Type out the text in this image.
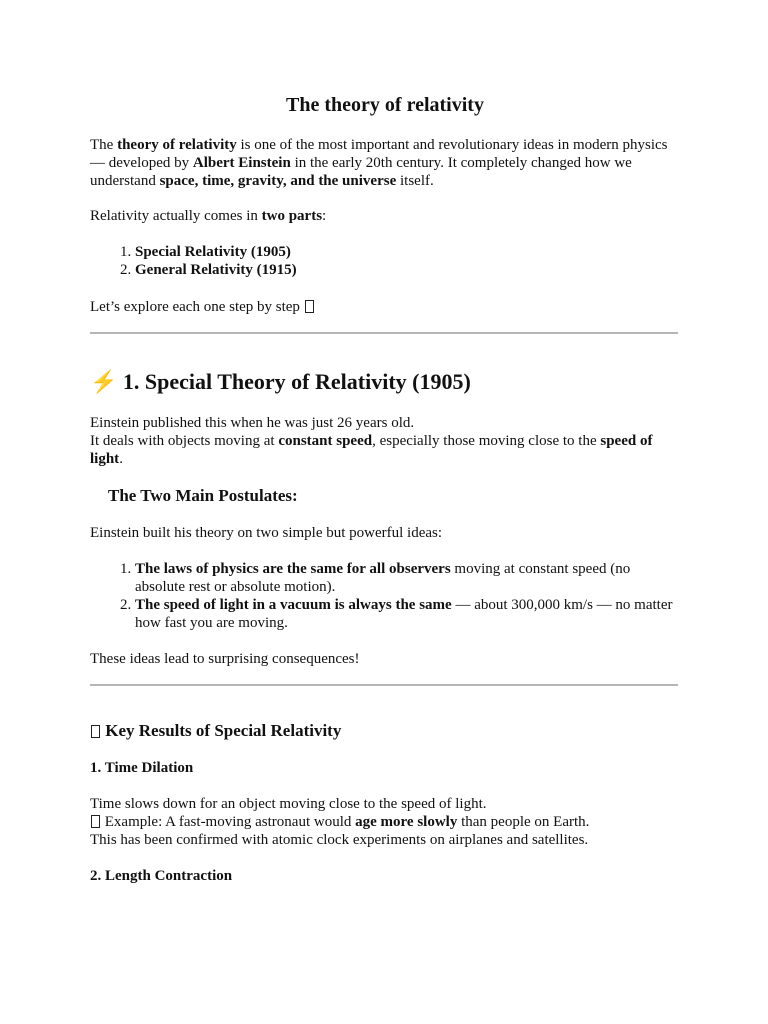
The theory of relativity

The theory of relativity is one of the most important and revolutionary ideas in modern physics — developed by Albert Einstein in the early 20th century. It completely changed how we understand space, time, gravity, and the universe itself.

Relativity actually comes in two parts:

1. Special Relativity (1905)
2. General Relativity (1915)

Let’s explore each one step by step

⚡ 1. Special Theory of Relativity (1905)

Einstein published this when he was just 26 years old.
It deals with objects moving at constant speed, especially those moving close to the speed of light.

The Two Main Postulates:

Einstein built his theory on two simple but powerful ideas:

1. The laws of physics are the same for all observers moving at constant speed (no absolute rest or absolute motion).
2. The speed of light in a vacuum is always the same — about 300,000 km/s — no matter how fast you are moving.

These ideas lead to surprising consequences!

Key Results of Special Relativity
1. Time Dilation

Time slows down for an object moving close to the speed of light.
Example: A fast-moving astronaut would age more slowly than people on Earth.
This has been confirmed with atomic clock experiments on airplanes and satellites.

2. Length Contraction
